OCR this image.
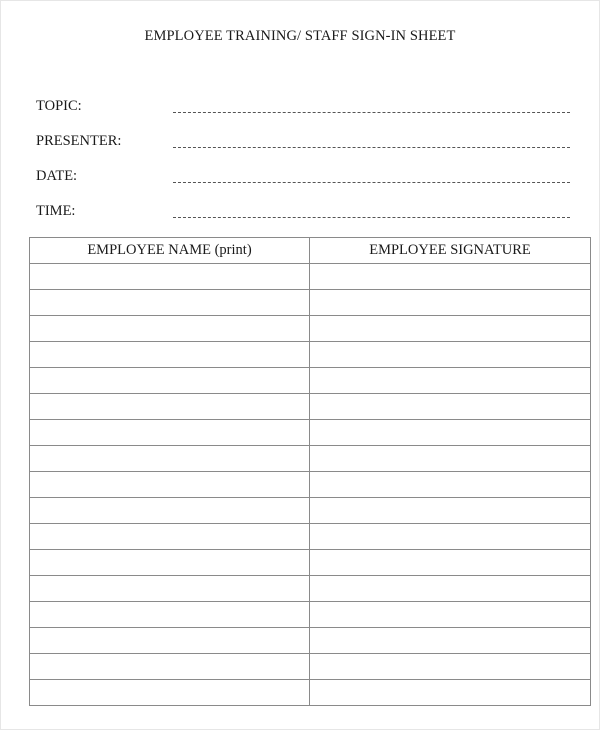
EMPLOYEE TRAINING/ STAFF SIGN-IN SHEET
TOPIC:
PRESENTER:
DATE:
TIME:
EMPLOYEE NAME (print)	EMPLOYEE SIGNATURE
